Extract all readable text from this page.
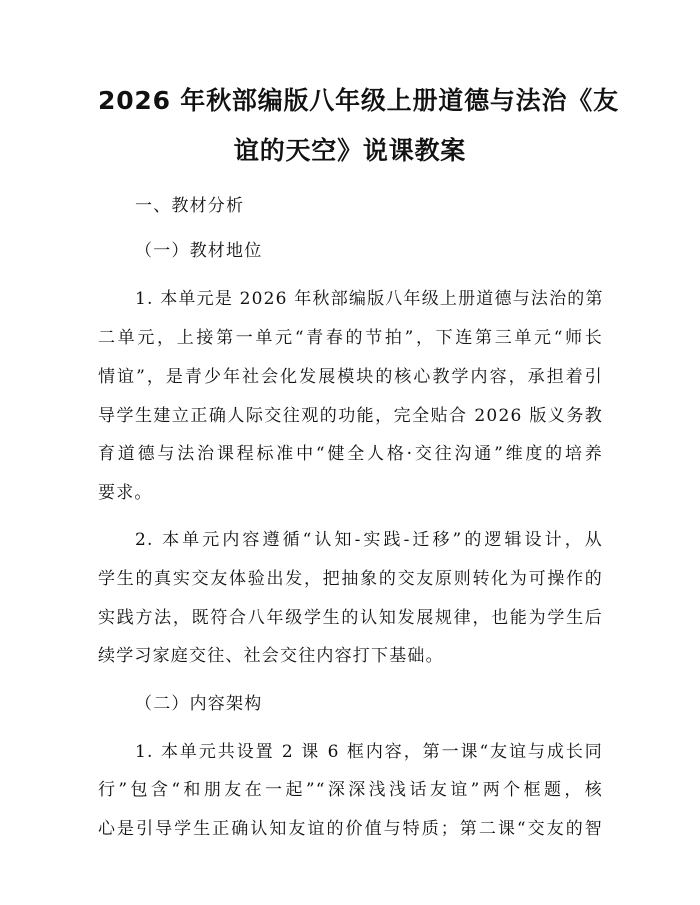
2026 年秋部编版八年级上册道德与法治《友
谊的天空》说课教案
一、教材分析
（一）教材地位
1. 本单元是 2026 年秋部编版八年级上册道德与法治的第
二单元，上接第一单元“青春的节拍”，下连第三单元“师长
情谊”，是青少年社会化发展模块的核心教学内容，承担着引
导学生建立正确人际交往观的功能，完全贴合 2026 版义务教
育道德与法治课程标准中“健全人格·交往沟通”维度的培养
要求。
2. 本单元内容遵循“认知-实践-迁移”的逻辑设计，从
学生的真实交友体验出发，把抽象的交友原则转化为可操作的
实践方法，既符合八年级学生的认知发展规律，也能为学生后
续学习家庭交往、社会交往内容打下基础。
（二）内容架构
1. 本单元共设置 2 课 6 框内容，第一课“友谊与成长同
行”包含“和朋友在一起”“深深浅浅话友谊”两个框题，核
心是引导学生正确认知友谊的价值与特质；第二课“交友的智
